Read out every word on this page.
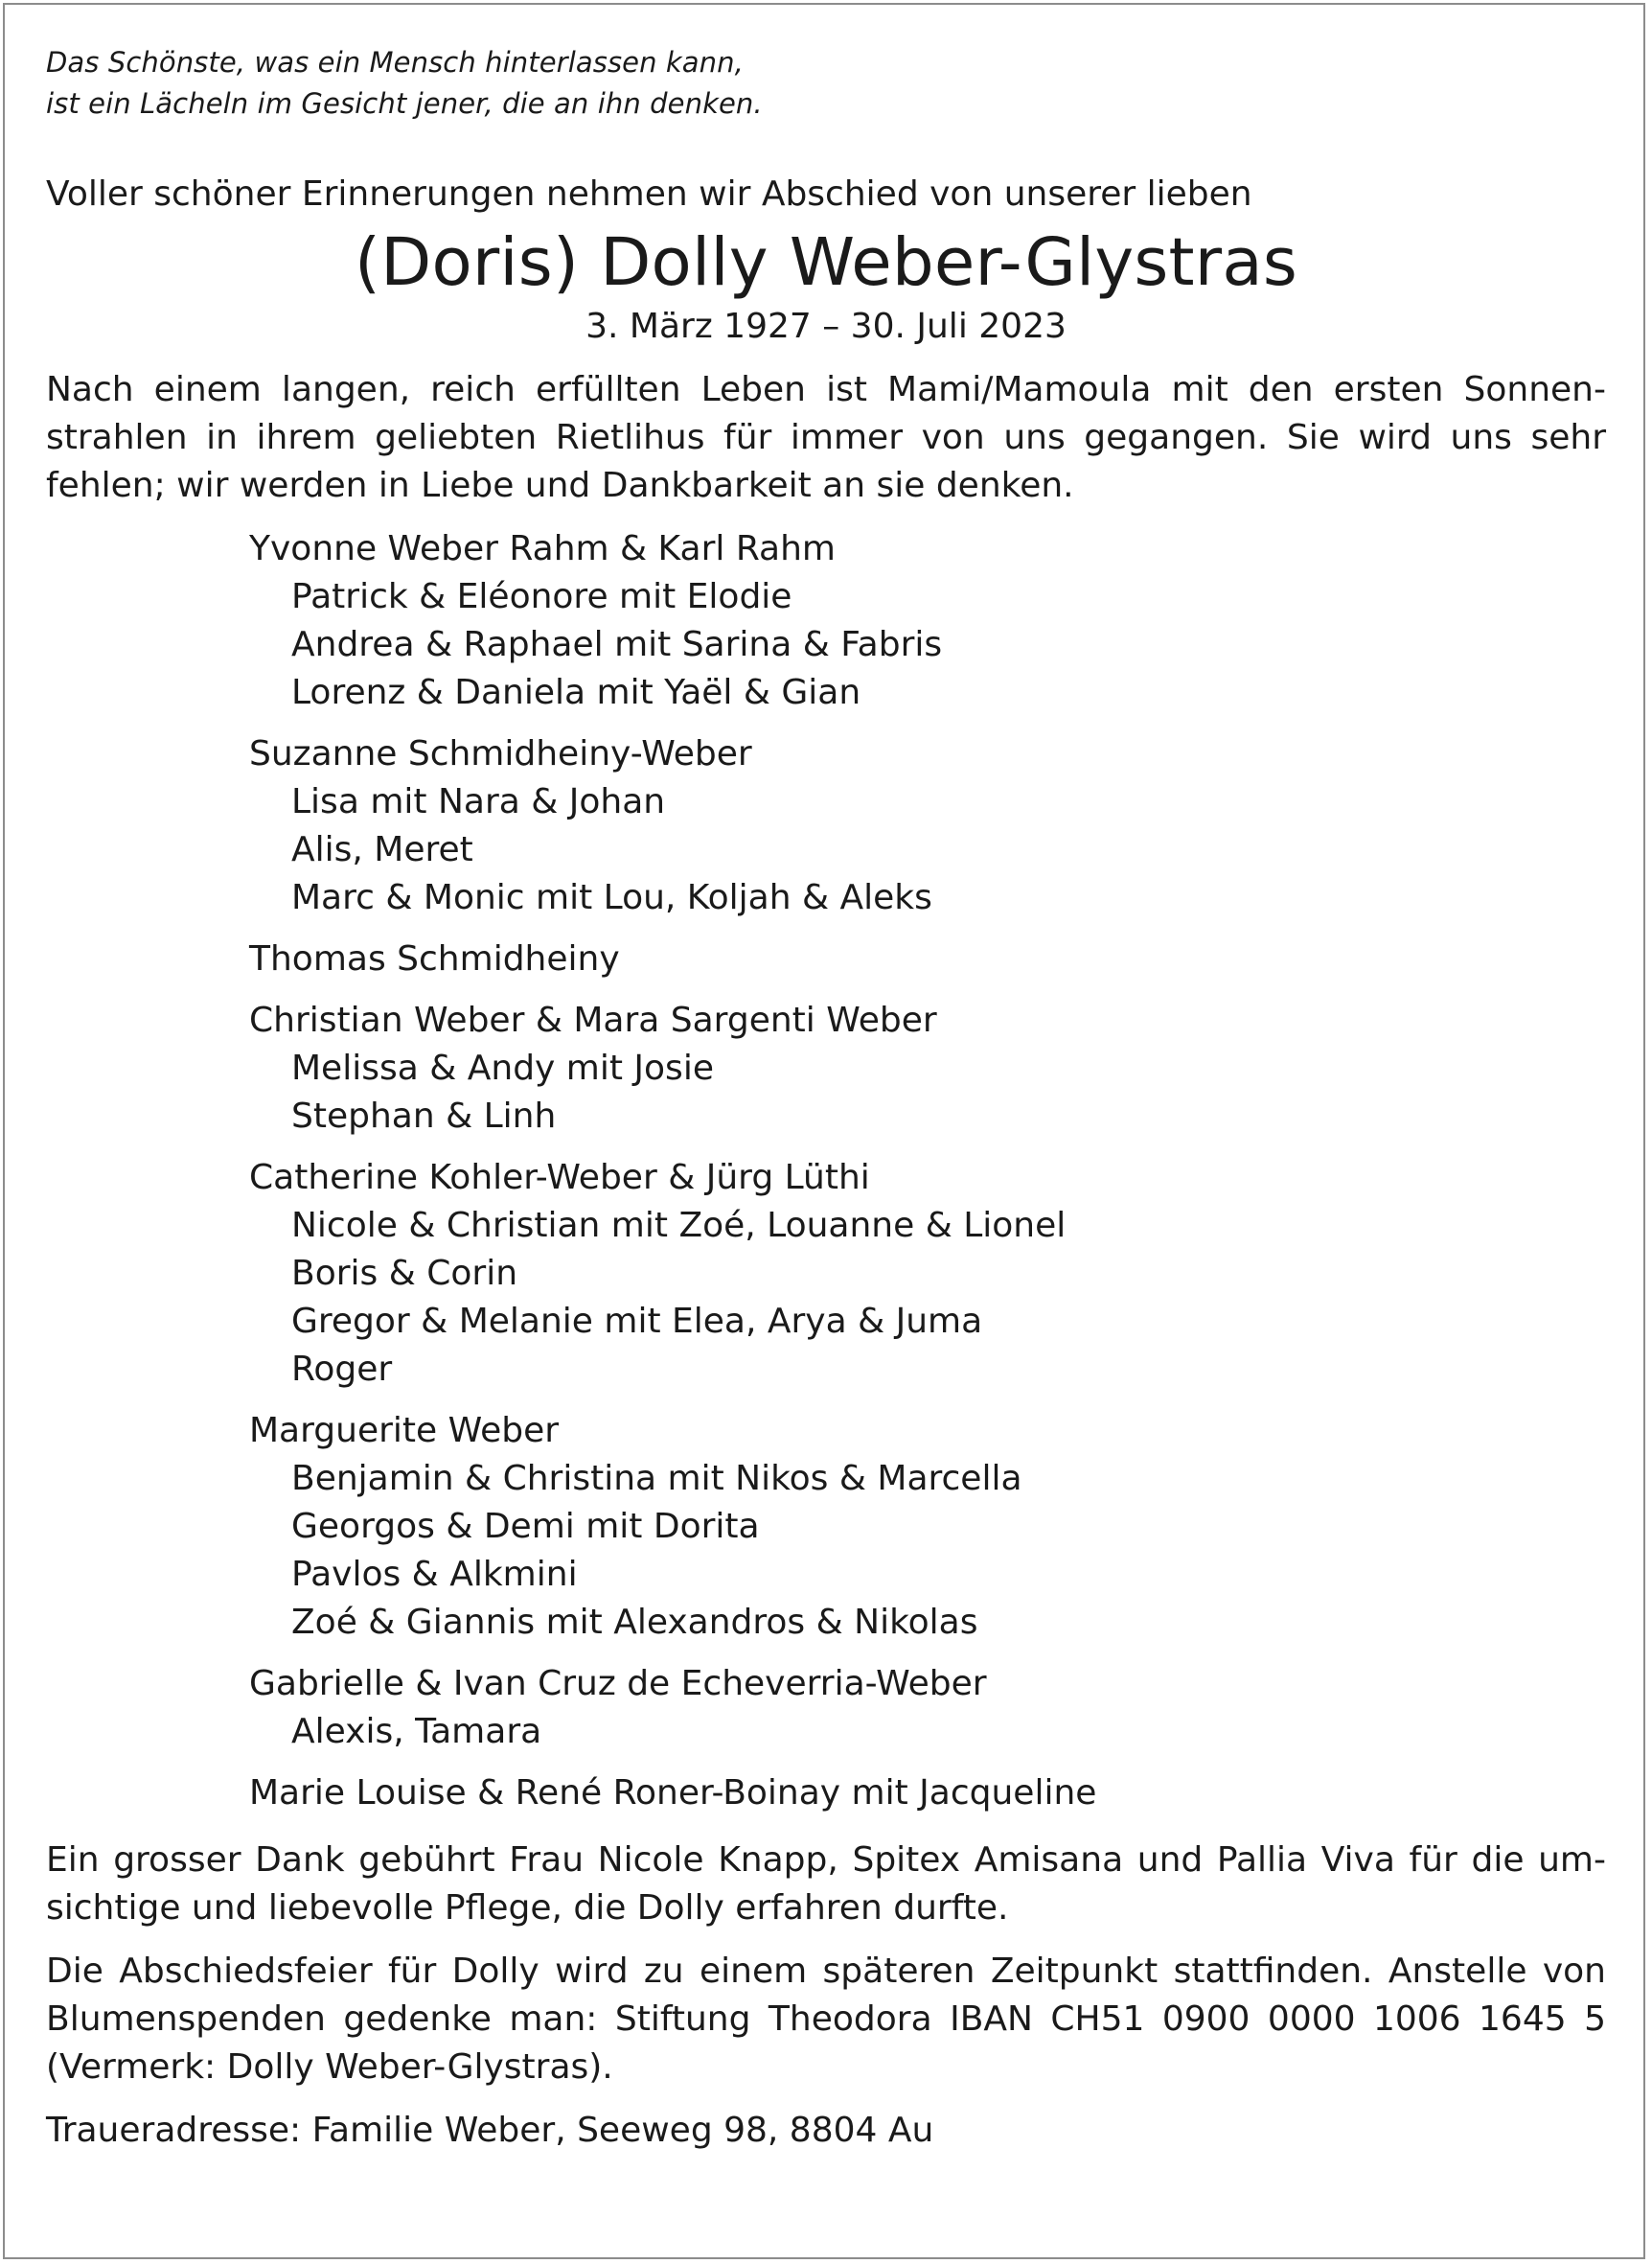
Das Schönste, was ein Mensch hinterlassen kann,

ist ein Lächeln im Gesicht jener, die an ihn denken.

Voller schöner Erinnerungen nehmen wir Abschied von unserer lieben

(Doris) Dolly Weber-Glystras

3. März 1927 – 30. Juli 2023

Nach einem langen, reich erfüllten Leben ist Mami/Mamoula mit den ersten Sonnenstrahlen in ihrem geliebten Rietlihus für immer von uns gegangen. Sie wird uns sehr fehlen; wir werden in Liebe und Dankbarkeit an sie denken.

Yvonne Weber Rahm & Karl Rahm

Patrick & Eléonore mit Elodie

Andrea & Raphael mit Sarina & Fabris

Lorenz & Daniela mit Yaël & Gian

Suzanne Schmidheiny-Weber

Lisa mit Nara & Johan

Alis, Meret

Marc & Monic mit Lou, Koljah & Aleks

Thomas Schmidheiny

Christian Weber & Mara Sargenti Weber

Melissa & Andy mit Josie

Stephan & Linh

Catherine Kohler-Weber & Jürg Lüthi

Nicole & Christian mit Zoé, Louanne & Lionel

Boris & Corin

Gregor & Melanie mit Elea, Arya & Juma

Roger

Marguerite Weber

Benjamin & Christina mit Nikos & Marcella

Georgos & Demi mit Dorita

Pavlos & Alkmini

Zoé & Giannis mit Alexandros & Nikolas

Gabrielle & Ivan Cruz de Echeverria-Weber

Alexis, Tamara

Marie Louise & René Roner-Boinay mit Jacqueline

Ein grosser Dank gebührt Frau Nicole Knapp, Spitex Amisana und Pallia Viva für die umsichtige und liebevolle Pflege, die Dolly erfahren durfte.

Die Abschiedsfeier für Dolly wird zu einem späteren Zeitpunkt stattfinden. Anstelle von Blumenspenden gedenke man: Stiftung Theodora IBAN CH51 0900 0000 1006 1645 5 (Vermerk: Dolly Weber-Glystras).

Traueradresse: Familie Weber, Seeweg 98, 8804 Au
